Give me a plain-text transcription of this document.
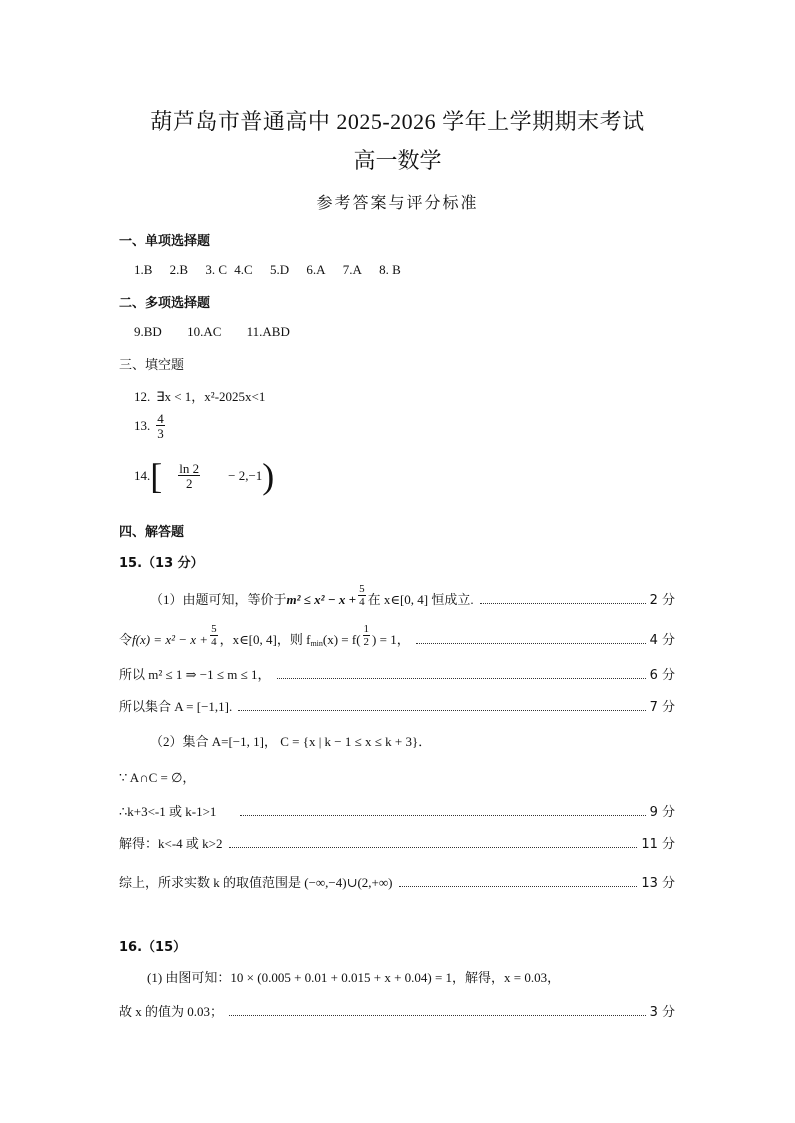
葫芦岛市普通高中 2025-2026 学年上学期期末考试
高一数学
参考答案与评分标准
一、单项选择题
1.B 2.B 3. C 4.C 5.D 6.A 7.A 8. B
二、多项选择题
9.BD 10.AC 11.ABD
三、填空题
12. ∃x < 1，x²-2025x<1
13. $\frac{4}{3}$
$14.[ \frac{\ln 2}{2} - 2,-1)$
四、解答题
15.（13 分）
（1）由题可知，等价于 $m^2 \le x^2 - x + \frac{5}{4}$ 在 x∈[0, 4] 恒成立.	2 分
令 $f(x) = x^2 - x + \frac{5}{4}$ ，x∈[0, 4]，则 $f_{min}$ $(x) = f( \frac{1}{2}$ ) = 1，	4 分
所以 m² ≤ 1 ⇒ −1 ≤ m ≤ 1，	6 分
所以集合 A = [−1,1].	7 分
（2）集合 A=[−1, 1]， C = {x | k − 1 ≤ x ≤ k + 3}．
∵ A∩C = ∅，
∴k+3<-1 或 k-1>1	9 分
解得：k<-4 或 k>2	11 分
综上，所求实数 k 的取值范围是 (−∞,−4)∪(2,+∞)	13 分
16.（15）
(1) 由图可知：10 × (0.005 + 0.01 + 0.015 + x + 0.04) = 1，解得，x = 0.03，
故 x 的值为 0.03；	3 分
